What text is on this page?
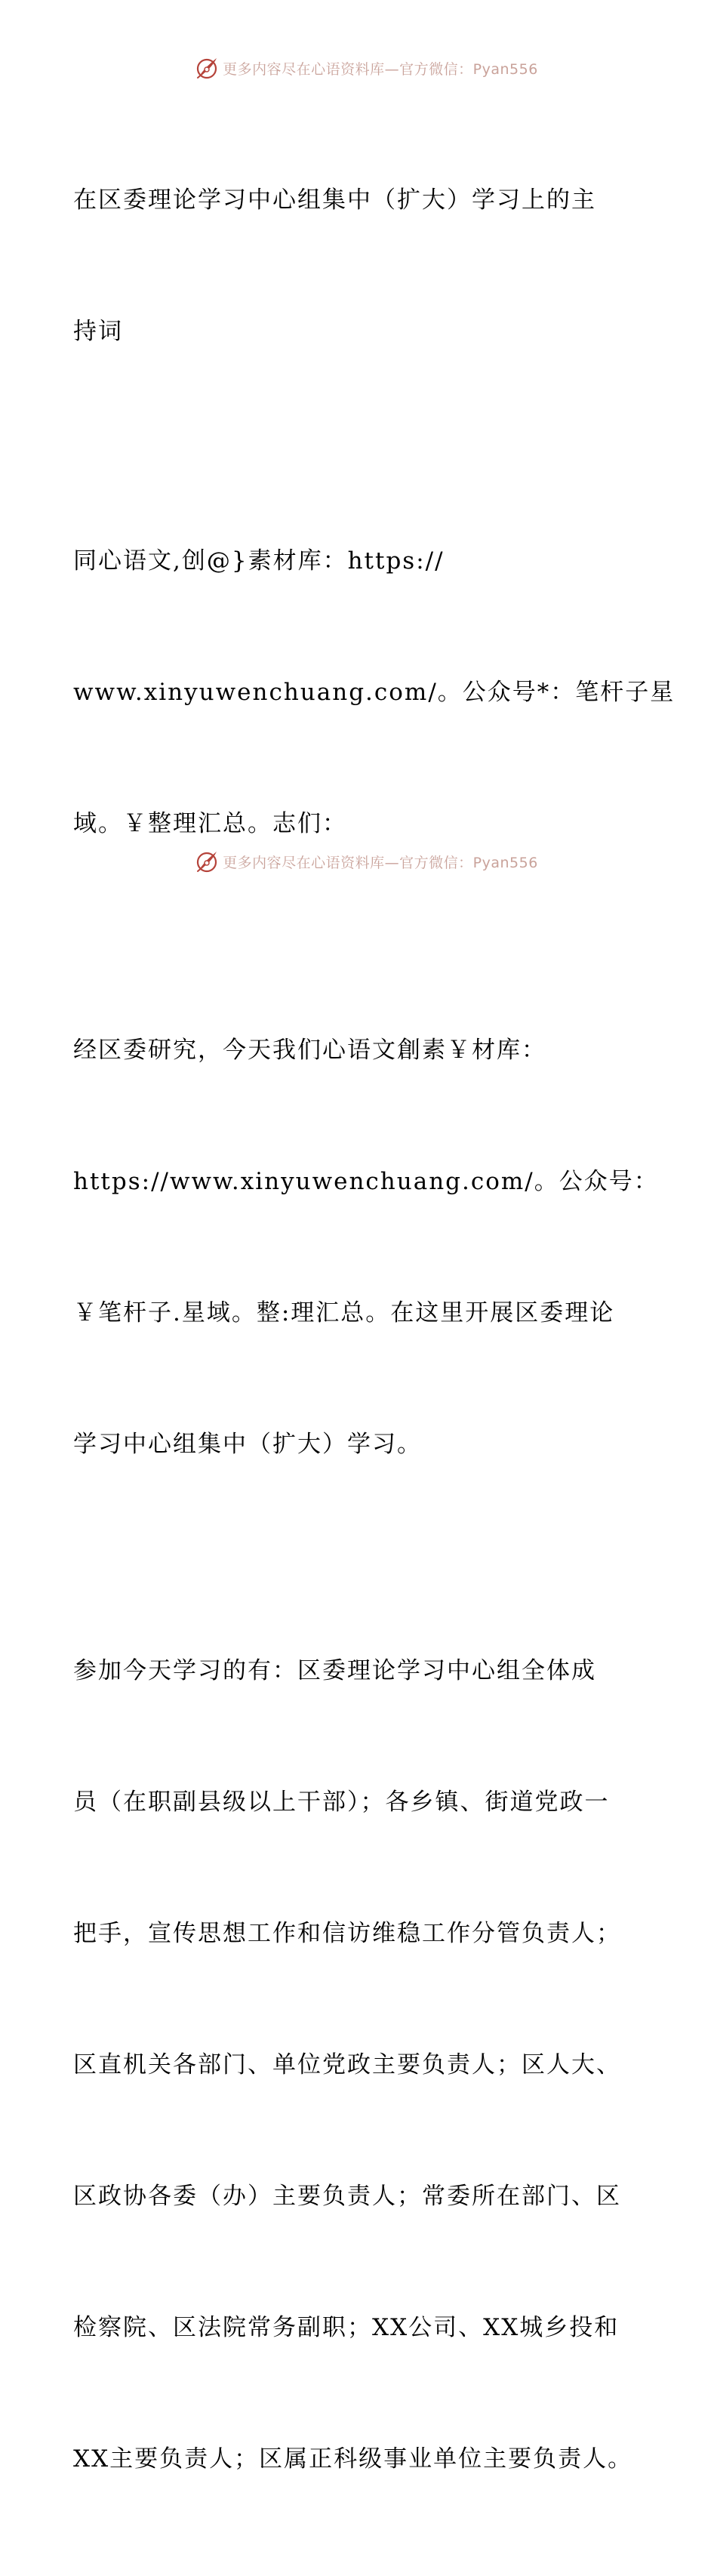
更多内容尽在心语资料库—官方微信：Pyan556

在区委理论学习中心组集中（扩大）学习上的主

持词

同心语文,创@}素材库：https://

www.xinyuwenchuang.com/。公众号*：笔杆子星

域。￥整理汇总。志们：

经区委研究，今天我们心语文創素￥材库：

https://www.xinyuwenchuang.com/。公众号：

￥笔杆子.星域。整:理汇总。在这里开展区委理论

学习中心组集中（扩大）学习。

参加今天学习的有：区委理论学习中心组全体成

员（在职副县级以上干部）；各乡镇、街道党政一

把手，宣传思想工作和信访维稳工作分管负责人；

区直机关各部门、单位党政主要负责人；区人大、

区政协各委（办）主要负责人；常委所在部门、区

检察院、区法院常务副职；XX公司、XX城乡投和

XX主要负责人；区属正科级事业单位主要负责人。

更多内容尽在心语资料库—官方微信：Pyan556
